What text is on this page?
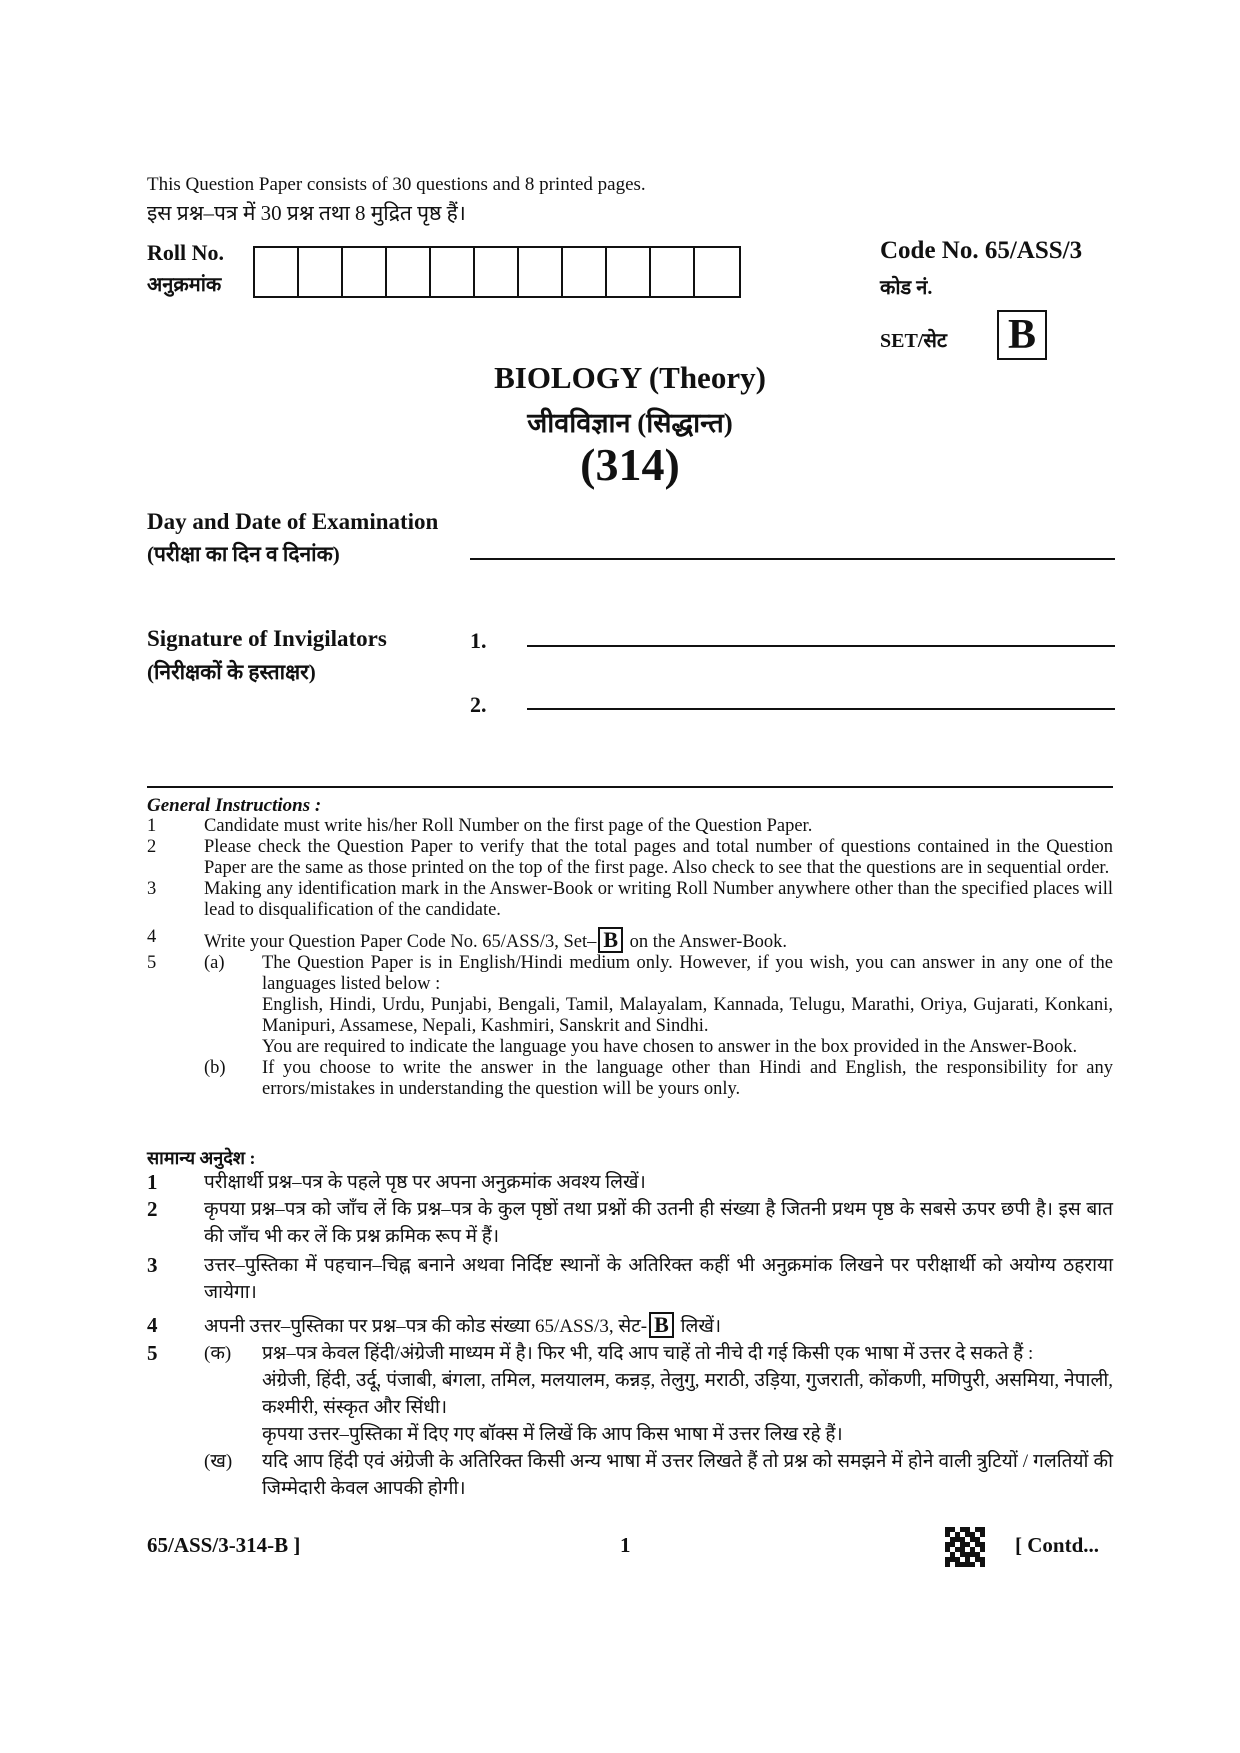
This Question Paper consists of 30 questions and 8 printed pages.
इस प्रश्न–पत्र में 30 प्रश्न तथा 8 मुद्रित पृष्ठ हैं।
Roll No.
अनुक्रमांक
Code No. 65/ASS/3
कोड नं.
SET/सेट B
BIOLOGY (Theory)
जीवविज्ञान (सिद्धान्त)
(314)
Day and Date of Examination
(परीक्षा का दिन व दिनांक)
Signature of Invigilators
(निरीक्षकों के हस्ताक्षर)
1.
2.
General Instructions :
1	Candidate must write his/her Roll Number on the first page of the Question Paper.
2	Please check the Question Paper to verify that the total pages and total number of questions contained in the Question Paper are the same as those printed on the top of the first page. Also check to see that the questions are in sequential order.
3	Making any identification mark in the Answer-Book or writing Roll Number anywhere other than the specified places will lead to disqualification of the candidate.
4	Write your Question Paper Code No. 65/ASS/3, Set– B on the Answer-Book.
5	(a)	The Question Paper is in English/Hindi medium only. However, if you wish, you can answer in any one of the languages listed below :
English, Hindi, Urdu, Punjabi, Bengali, Tamil, Malayalam, Kannada, Telugu, Marathi, Oriya, Gujarati, Konkani, Manipuri, Assamese, Nepali, Kashmiri, Sanskrit and Sindhi.
You are required to indicate the language you have chosen to answer in the box provided in the Answer-Book.
(b)	If you choose to write the answer in the language other than Hindi and English, the responsibility for any errors/mistakes in understanding the question will be yours only.
सामान्य अनुदेश :
1	परीक्षार्थी प्रश्न–पत्र के पहले पृष्ठ पर अपना अनुक्रमांक अवश्य लिखें।
2	कृपया प्रश्न–पत्र को जाँच लें कि प्रश्न–पत्र के कुल पृष्ठों तथा प्रश्नों की उतनी ही संख्या है जितनी प्रथम पृष्ठ के सबसे ऊपर छपी है। इस बात की जाँच भी कर लें कि प्रश्न क्रमिक रूप में हैं।
3	उत्तर–पुस्तिका में पहचान–चिह्न बनाने अथवा निर्दिष्ट स्थानों के अतिरिक्त कहीं भी अनुक्रमांक लिखने पर परीक्षार्थी को अयोग्य ठहराया जायेगा।
4	अपनी उत्तर–पुस्तिका पर प्रश्न–पत्र की कोड संख्या 65/ASS/3, सेट- B लिखें।
5	(क)	प्रश्न–पत्र केवल हिंदी/अंग्रेजी माध्यम में है। फिर भी, यदि आप चाहें तो नीचे दी गई किसी एक भाषा में उत्तर दे सकते हैं :
अंग्रेजी, हिंदी, उर्दू, पंजाबी, बंगला, तमिल, मलयालम, कन्नड़, तेलुगु, मराठी, उड़िया, गुजराती, कोंकणी, मणिपुरी, असमिया, नेपाली, कश्मीरी, संस्कृत और सिंधी।
कृपया उत्तर–पुस्तिका में दिए गए बॉक्स में लिखें कि आप किस भाषा में उत्तर लिख रहे हैं।
(ख)	यदि आप हिंदी एवं अंग्रेजी के अतिरिक्त किसी अन्य भाषा में उत्तर लिखते हैं तो प्रश्न को समझने में होने वाली त्रुटियों / गलतियों की जिम्मेदारी केवल आपकी होगी।
65/ASS/3-314-B ]	1	[ Contd...
